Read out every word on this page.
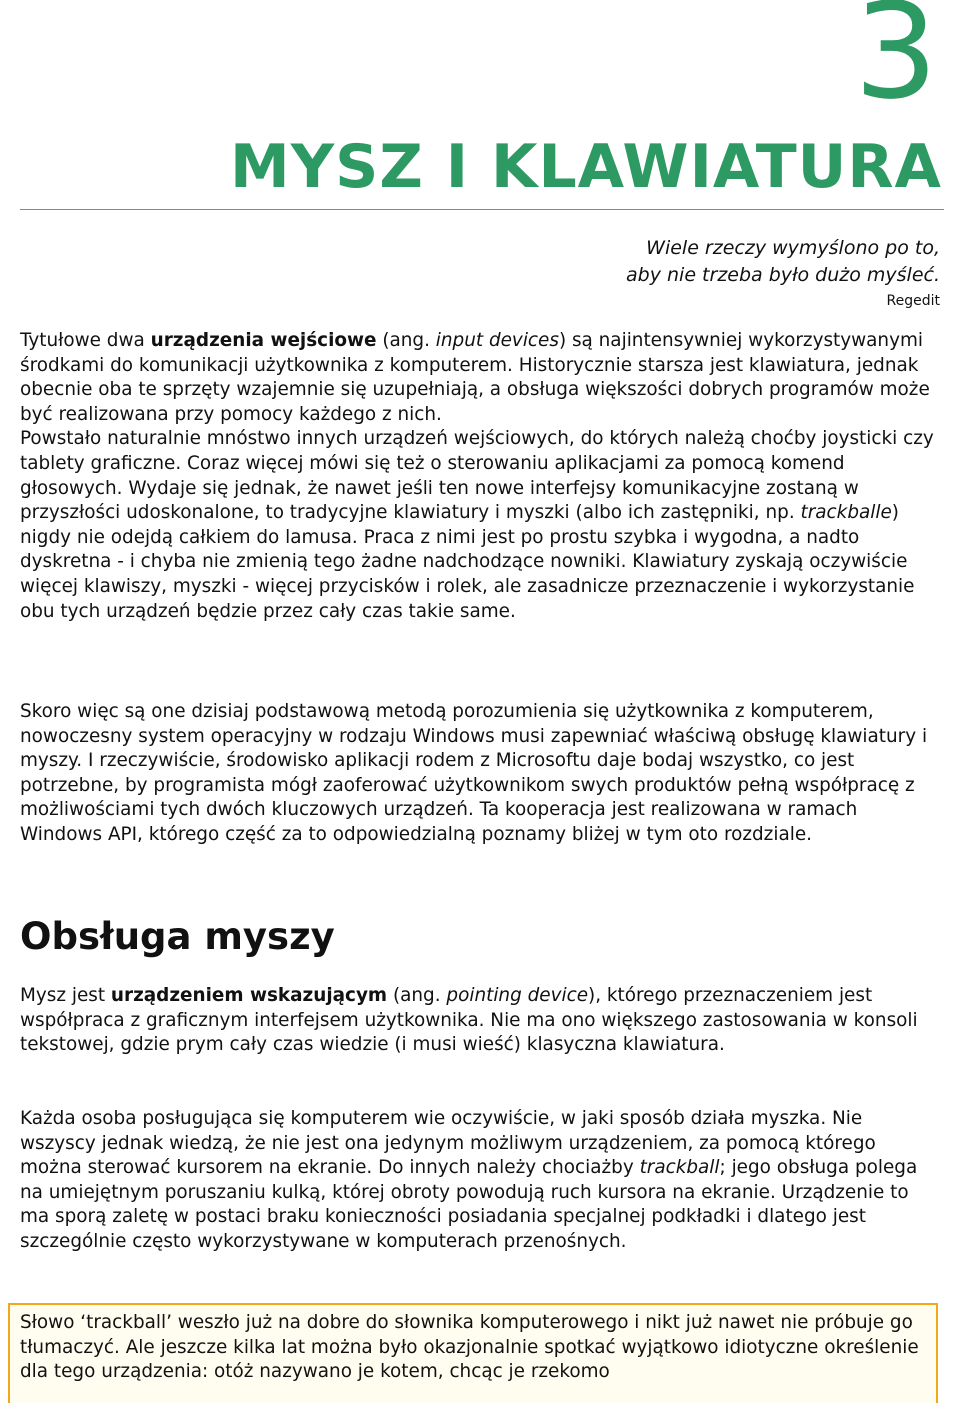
3
MYSZ I KLAWIATURA
Wiele rzeczy wymyślono po to,
aby nie trzeba było dużo myśleć.
Regedit

Tytułowe dwa urządzenia wejściowe (ang. input devices) są najintensywniej wykorzystywanymi środkami do komunikacji użytkownika z komputerem. Historycznie starsza jest klawiatura, jednak obecnie oba te sprzęty wzajemnie się uzupełniają, a obsługa większości dobrych programów może być realizowana przy pomocy każdego z nich.

Powstało naturalnie mnóstwo innych urządzeń wejściowych, do których należą choćby joysticki czy tablety graficzne. Coraz więcej mówi się też o sterowaniu aplikacjami za pomocą komend głosowych. Wydaje się jednak, że nawet jeśli ten nowe interfejsy komunikacyjne zostaną w przyszłości udoskonalone, to tradycyjne klawiatury i myszki (albo ich zastępniki, np. trackballe) nigdy nie odejdą całkiem do lamusa. Praca z nimi jest po prostu szybka i wygodna, a nadto dyskretna - i chyba nie zmienią tego żadne nadchodzące nowniki. Klawiatury zyskają oczywiście więcej klawiszy, myszki - więcej przycisków i rolek, ale zasadnicze przeznaczenie i wykorzystanie obu tych urządzeń będzie przez cały czas takie same.

Skoro więc są one dzisiaj podstawową metodą porozumienia się użytkownika z komputerem, nowoczesny system operacyjny w rodzaju Windows musi zapewniać właściwą obsługę klawiatury i myszy. I rzeczywiście, środowisko aplikacji rodem z Microsoftu daje bodaj wszystko, co jest potrzebne, by programista mógł zaoferować użytkownikom swych produktów pełną współpracę z możliwościami tych dwóch kluczowych urządzeń. Ta kooperacja jest realizowana w ramach Windows API, którego część za to odpowiedzialną poznamy bliżej w tym oto rozdziale.

Obsługa myszy

Mysz jest urządzeniem wskazującym (ang. pointing device), którego przeznaczeniem jest współpraca z graficznym interfejsem użytkownika. Nie ma ono większego zastosowania w konsoli tekstowej, gdzie prym cały czas wiedzie (i musi wieść) klasyczna klawiatura.

Każda osoba posługująca się komputerem wie oczywiście, w jaki sposób działa myszka. Nie wszyscy jednak wiedzą, że nie jest ona jedynym możliwym urządzeniem, za pomocą którego można sterować kursorem na ekranie. Do innych należy chociażby trackball; jego obsługa polega na umiejętnym poruszaniu kulką, której obroty powodują ruch kursora na ekranie. Urządzenie to ma sporą zaletę w postaci braku konieczności posiadania specjalnej podkładki i dlatego jest szczególnie często wykorzystywane w komputerach przenośnych.

Słowo ‘trackball’ weszło już na dobre do słownika komputerowego i nikt już nawet nie próbuje go tłumaczyć. Ale jeszcze kilka lat można było okazjonalnie spotkać wyjątkowo idiotyczne określenie dla tego urządzenia: otóż nazywano je kotem, chcąc je rzekomo
